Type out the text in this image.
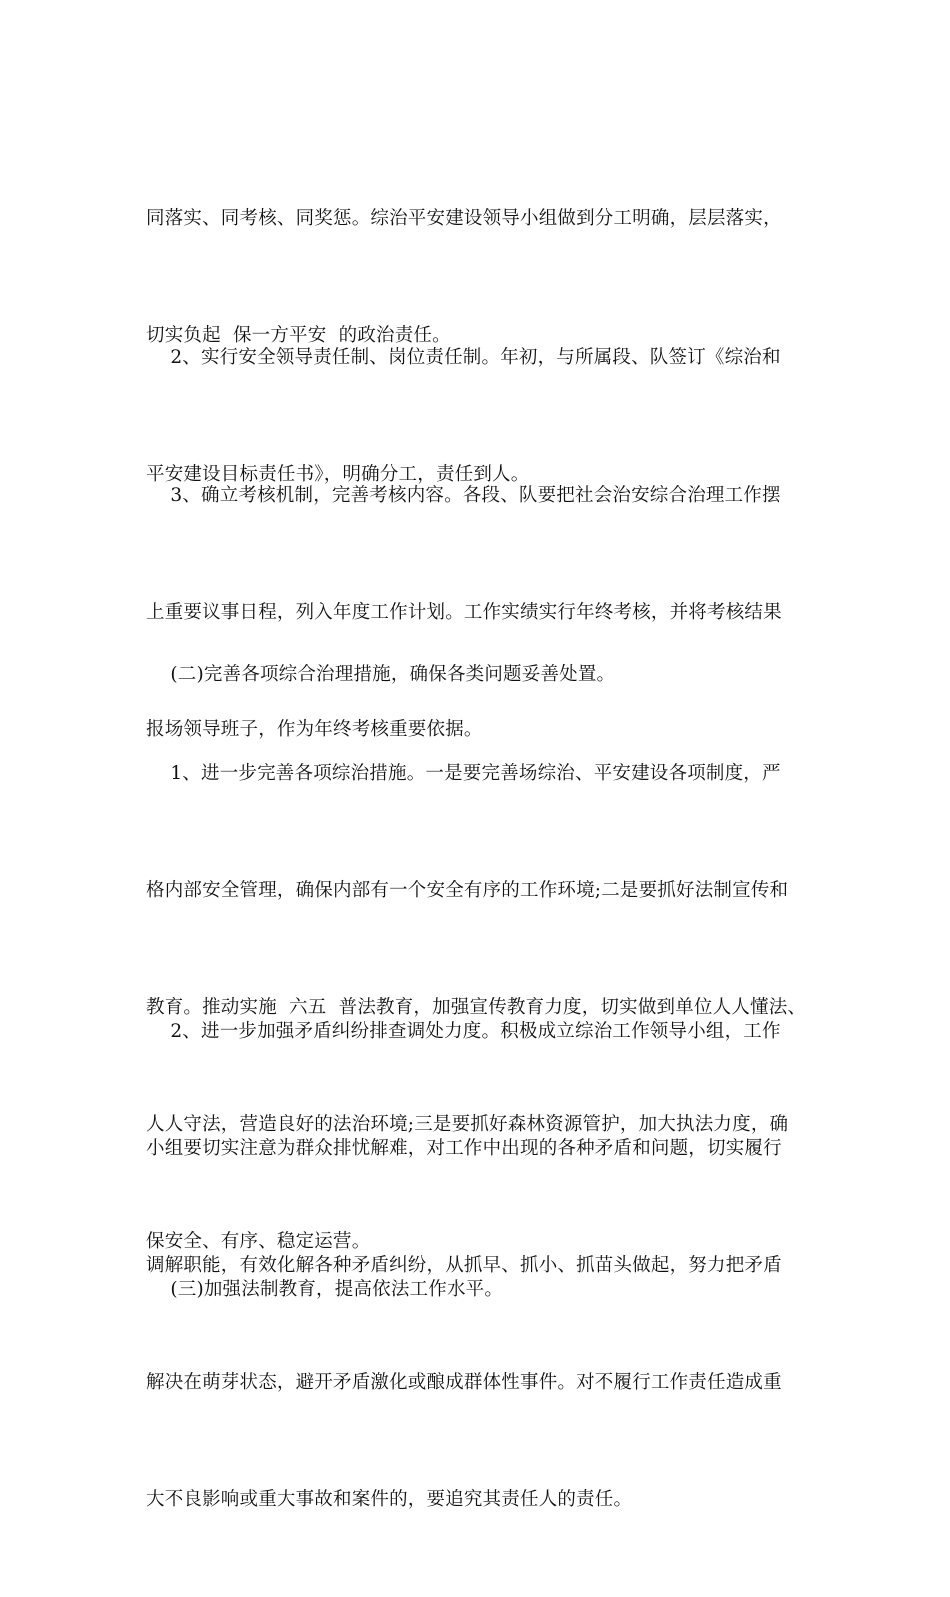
同落实、同考核、同奖惩。综治平安建设领导小组做到分工明确，层层落实，

切实负起  保一方平安  的政治责任。

2、实行安全领导责任制、岗位责任制。年初，与所属段、队签订《综治和

平安建设目标责任书》，明确分工，责任到人。

3、确立考核机制，完善考核内容。各段、队要把社会治安综合治理工作摆

上重要议事日程，列入年度工作计划。工作实绩实行年终考核，并将考核结果

报场领导班子，作为年终考核重要依据。

(二)完善各项综合治理措施，确保各类问题妥善处置。

1、进一步完善各项综治措施。一是要完善场综治、平安建设各项制度，严

格内部安全管理，确保内部有一个安全有序的工作环境;二是要抓好法制宣传和

教育。推动实施  六五  普法教育，加强宣传教育力度，切实做到单位人人懂法、

人人守法，营造良好的法治环境;三是要抓好森林资源管护，加大执法力度，确

保安全、有序、稳定运营。

2、进一步加强矛盾纠纷排查调处力度。积极成立综治工作领导小组，工作

小组要切实注意为群众排忧解难，对工作中出现的各种矛盾和问题，切实履行

调解职能，有效化解各种矛盾纠纷，从抓早、抓小、抓苗头做起，努力把矛盾

解决在萌芽状态，避开矛盾激化或酿成群体性事件。对不履行工作责任造成重

大不良影响或重大事故和案件的，要追究其责任人的责任。

(三)加强法制教育，提高依法工作水平。
